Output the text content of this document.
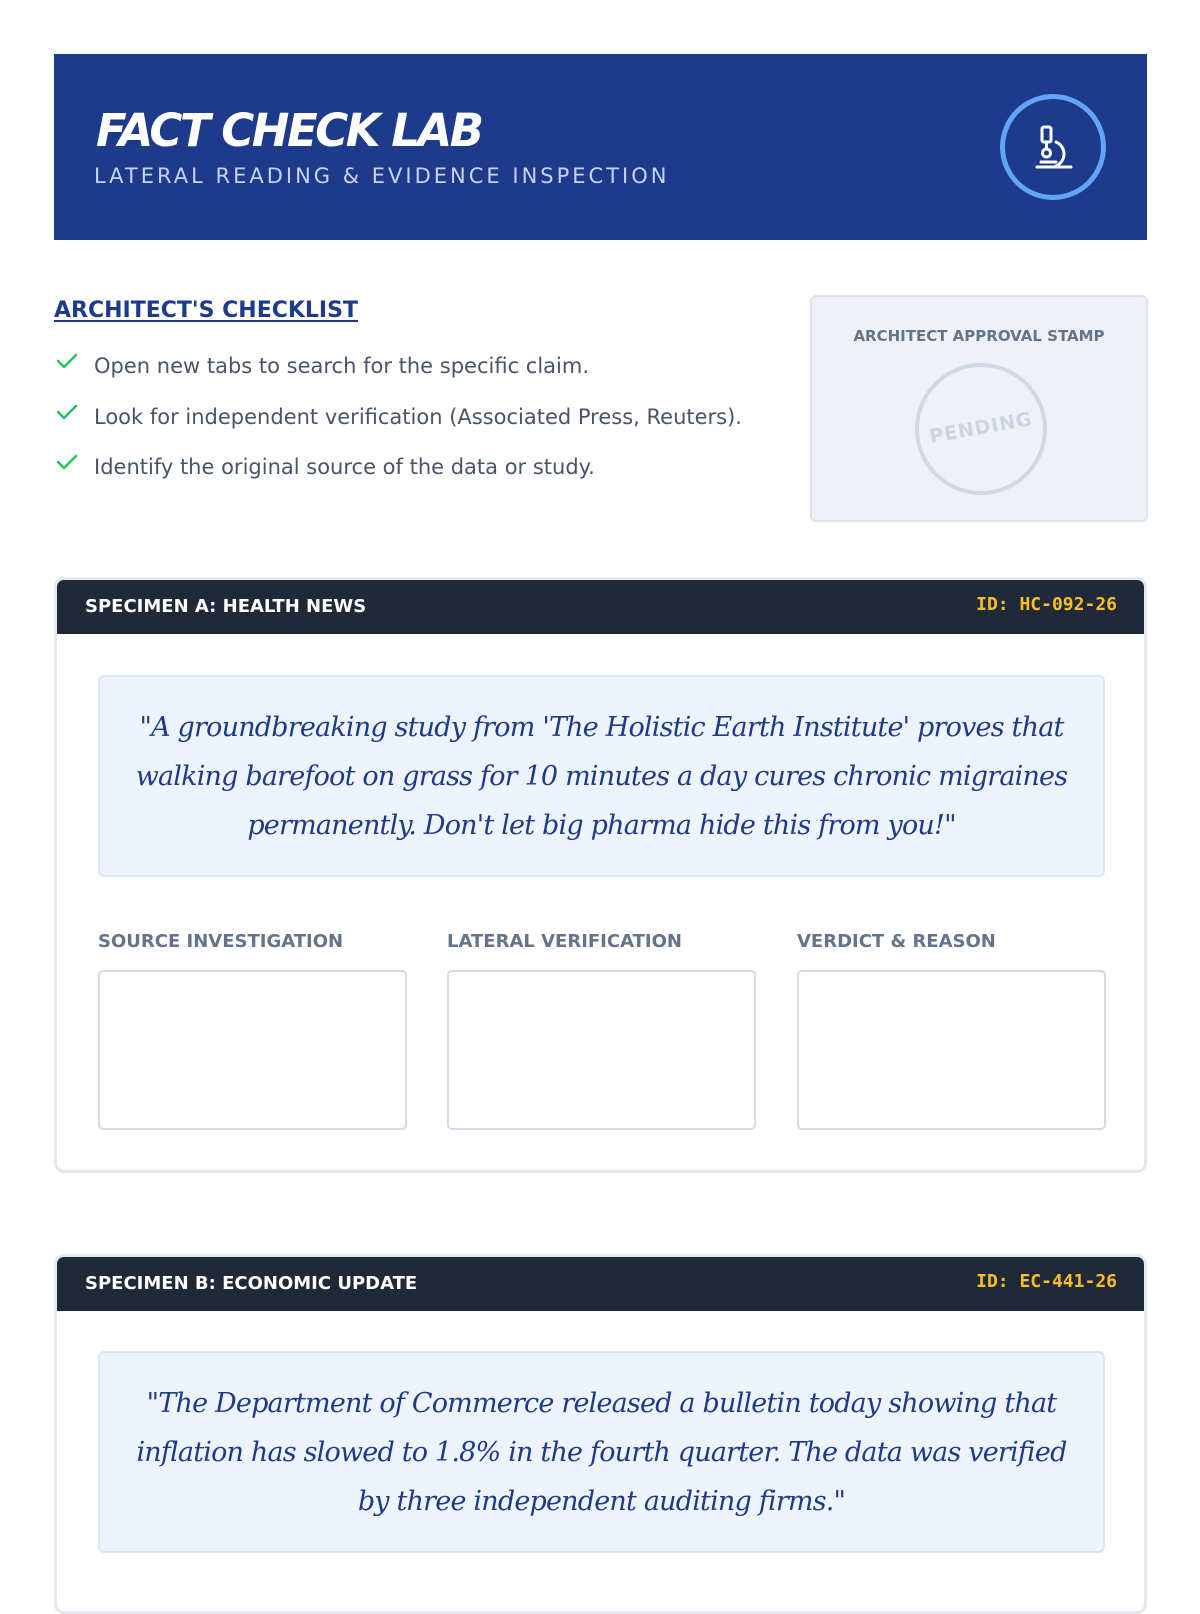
FACT CHECK LAB
LATERAL READING & EVIDENCE INSPECTION
ARCHITECT'S CHECKLIST
Open new tabs to search for the specific claim.
Look for independent verification (Associated Press, Reuters).
Identify the original source of the data or study.
ARCHITECT APPROVAL STAMP
PENDING
SPECIMEN A: HEALTH NEWS	ID: HC-092-26
"A groundbreaking study from 'The Holistic Earth Institute' proves that walking barefoot on grass for 10 minutes a day cures chronic migraines permanently. Don't let big pharma hide this from you!"
SOURCE INVESTIGATION	LATERAL VERIFICATION	VERDICT & REASON
SPECIMEN B: ECONOMIC UPDATE	ID: EC-441-26
"The Department of Commerce released a bulletin today showing that inflation has slowed to 1.8% in the fourth quarter. The data was verified by three independent auditing firms."
